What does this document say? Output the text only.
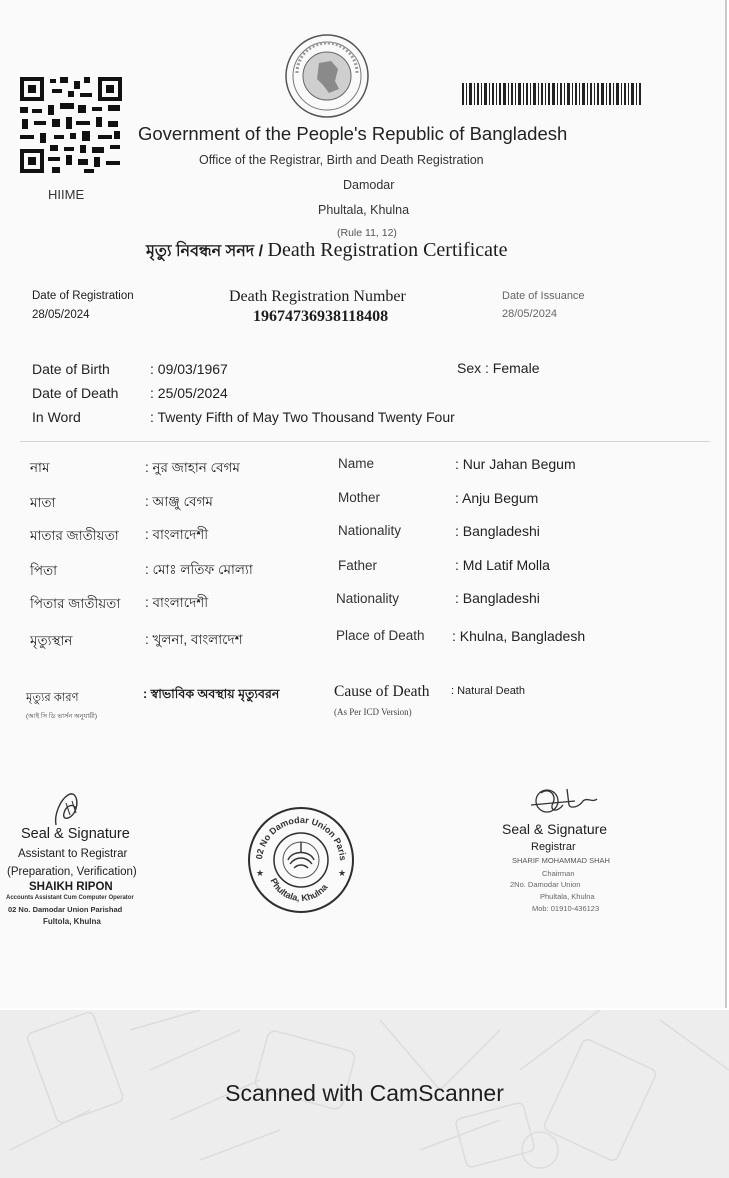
HIIME
Government of the People's Republic of Bangladesh
Office of the Registrar, Birth and Death Registration
Damodar
Phultala, Khulna
(Rule 11, 12)
মৃত্যু নিবন্ধন সনদ / Death Registration Certificate
Date of Registration
28/05/2024
Death Registration Number
19674736938118408
Date of Issuance
28/05/2024
Date of Birth	: 09/03/1967
Date of Death : 25/05/2024
In Word	: Twenty Fifth of May Two Thousand Twenty Four
Sex : Female
নাম	: নুর জাহান বেগম	Name	: Nur Jahan Begum
মাতা	: আঞ্জু বেগম	Mother	: Anju Begum
মাতার জাতীয়তা : বাংলাদেশী	Nationality	: Bangladeshi
পিতা	: মোঃ লতিফ মোল্যা	Father	: Md Latif Molla
পিতার জাতীয়তা : বাংলাদেশী	Nationality	: Bangladeshi
মৃত্যুস্থান	: খুলনা, বাংলাদেশ	Place of Death : Khulna, Bangladesh
মৃত্যুর কারণ
(আই সি ডি ভার্সন অনুযায়ী)
: স্বাভাবিক অবস্থায় মৃত্যুবরন	Cause of Death
(As Per ICD Version)
: Natural Death
Seal & Signature
Assistant to Registrar
(Preparation, Verification)
SHAIKH RIPON
Accounts Assistant Cum Computer Operator
02 No. Damodar Union Parishad
Fultola, Khulna
02 No Damodar Union Paris
Phultala, Khulna
★	★
Seal & Signature
Registrar
SHARIF MOHAMMAD SHAH
Chairman
2No. Damodar Union
Phultala, Khulna
Mob: 01910-436123
Scanned with CamScanner
